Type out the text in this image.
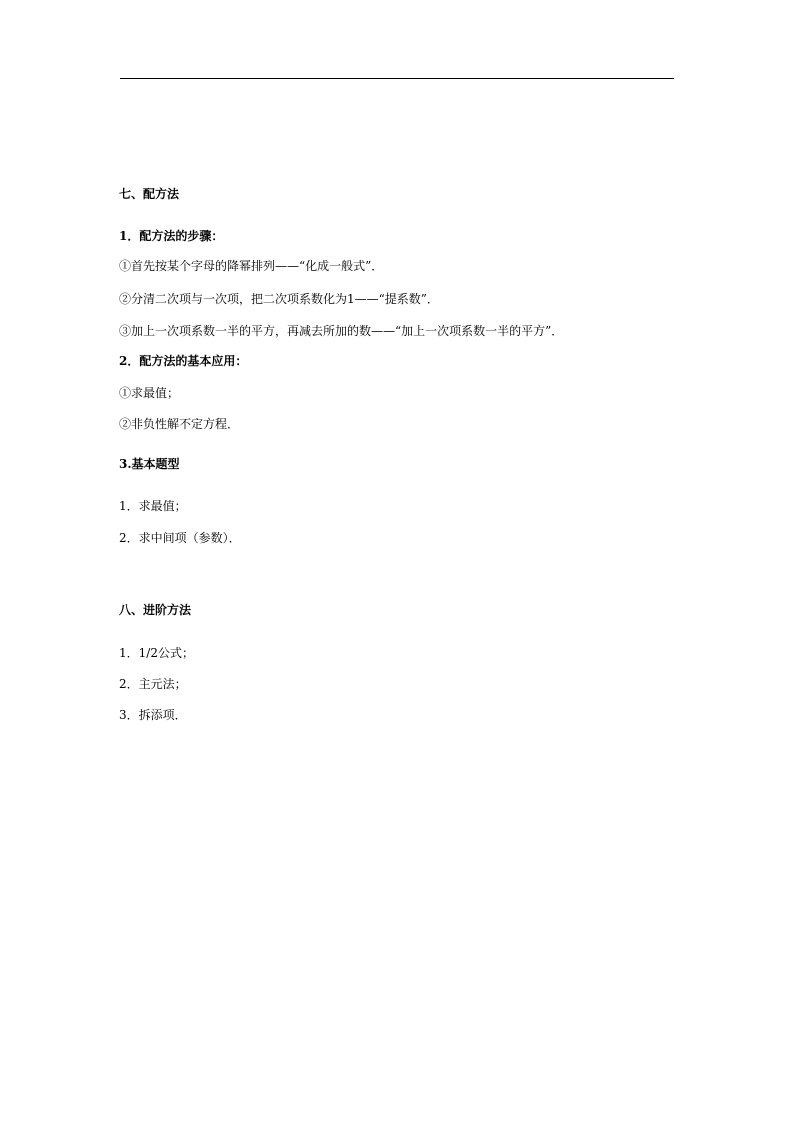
七、配方法
1．配方法的步骤：
①首先按某个字母的降幂排列——“化成一般式”．
②分清二次项与一次项，把二次项系数化为1——“提系数”．
③加上一次项系数一半的平方，再减去所加的数——“加上一次项系数一半的平方”．
2．配方法的基本应用：
①求最值；
②非负性解不定方程．
3.基本题型
1．求最值；
2．求中间项（参数）．
八、进阶方法
1．1/2公式；
2．主元法；
3．拆添项．
